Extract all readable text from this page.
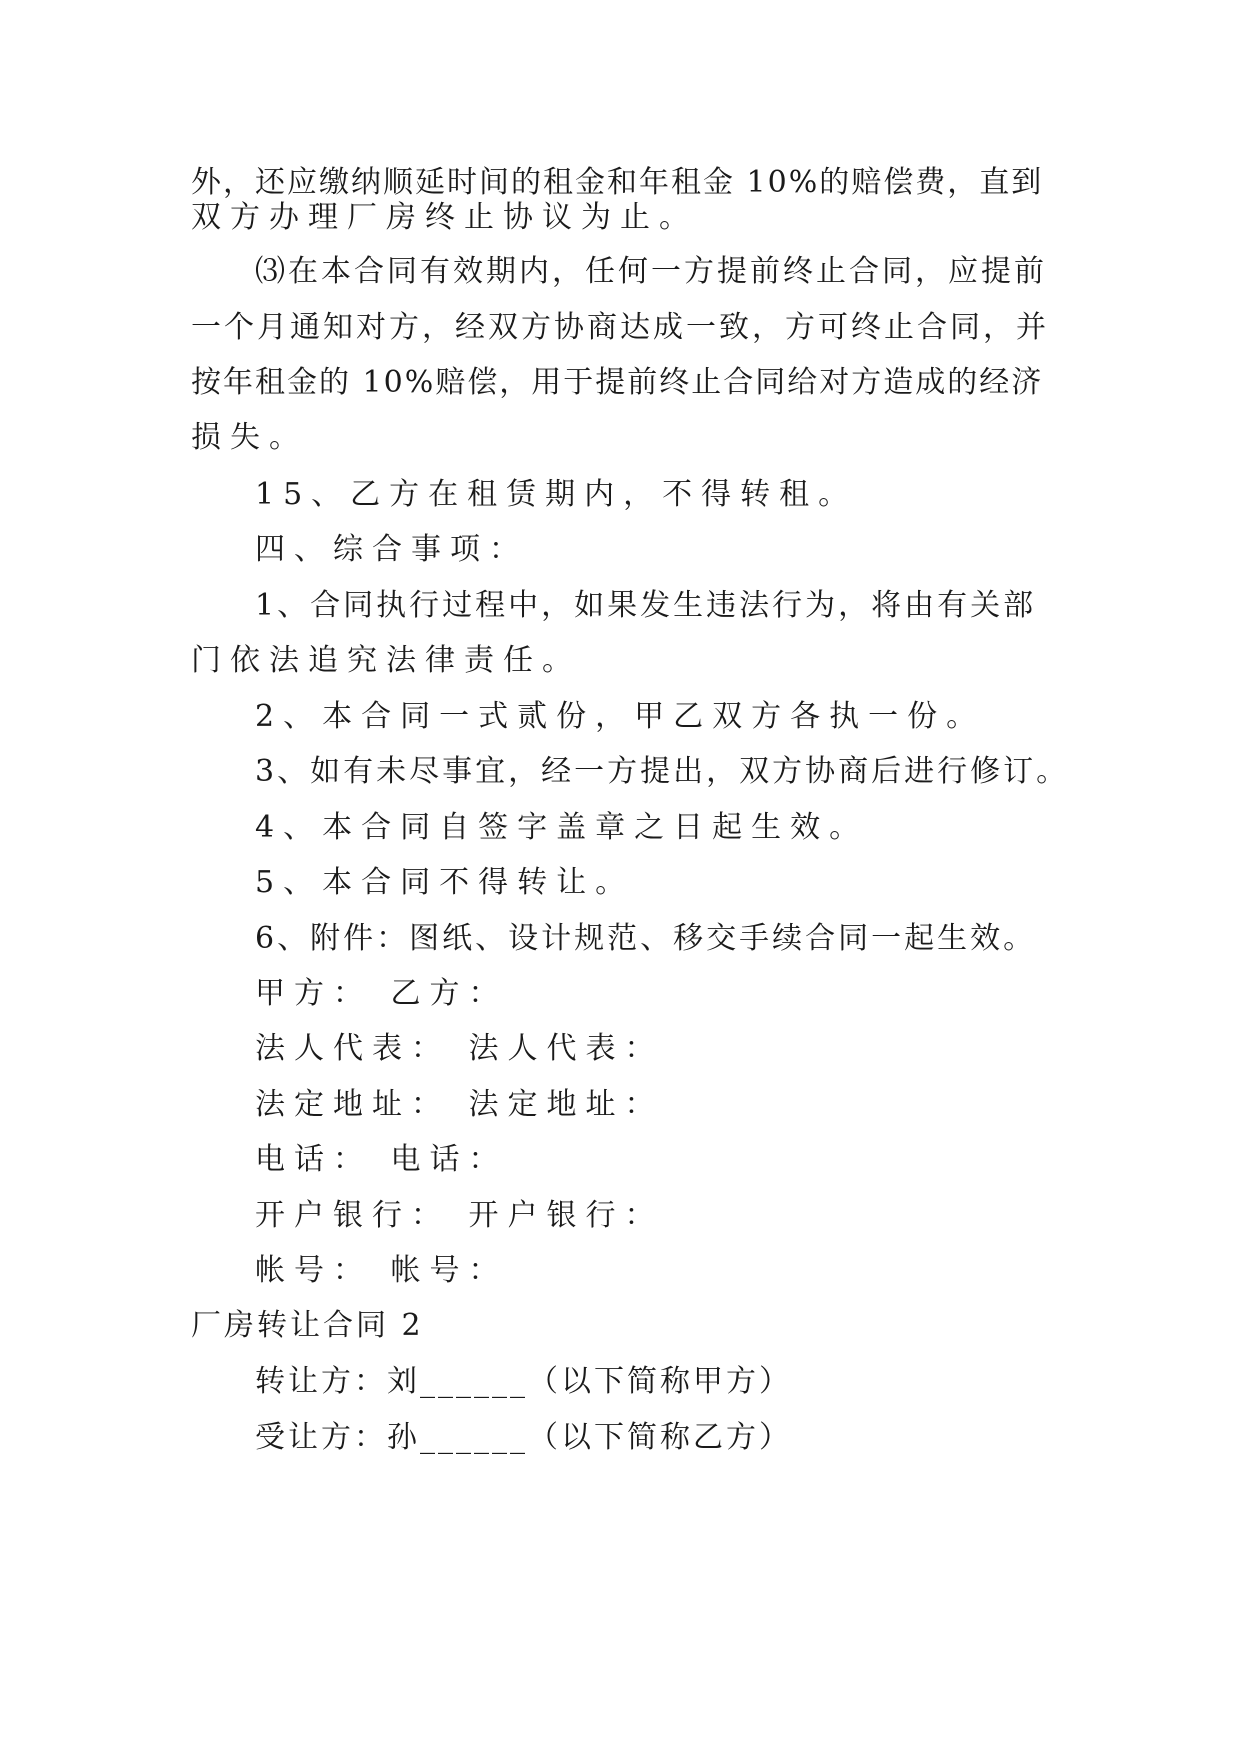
外，还应缴纳顺延时间的租金和年租金 10%的赔偿费，直到
双方办理厂房终止协议为止。
⑶在本合同有效期内，任何一方提前终止合同，应提前
一个月通知对方，经双方协商达成一致，方可终止合同，并
按年租金的 10%赔偿，用于提前终止合同给对方造成的经济
损失。
15、乙方在租赁期内，不得转租。
四、综合事项：
1、合同执行过程中，如果发生违法行为，将由有关部
门依法追究法律责任。
2、本合同一式贰份，甲乙双方各执一份。
3、如有未尽事宜，经一方提出，双方协商后进行修订。
4、本合同自签字盖章之日起生效。
5、本合同不得转让。
6、附件：图纸、设计规范、移交手续合同一起生效。
甲方： 乙方：
法人代表： 法人代表：
法定地址： 法定地址：
电话： 电话：
开户银行： 开户银行：
帐号： 帐号：
厂房转让合同 2
转让方：刘______（以下简称甲方）
受让方：孙______（以下简称乙方）
